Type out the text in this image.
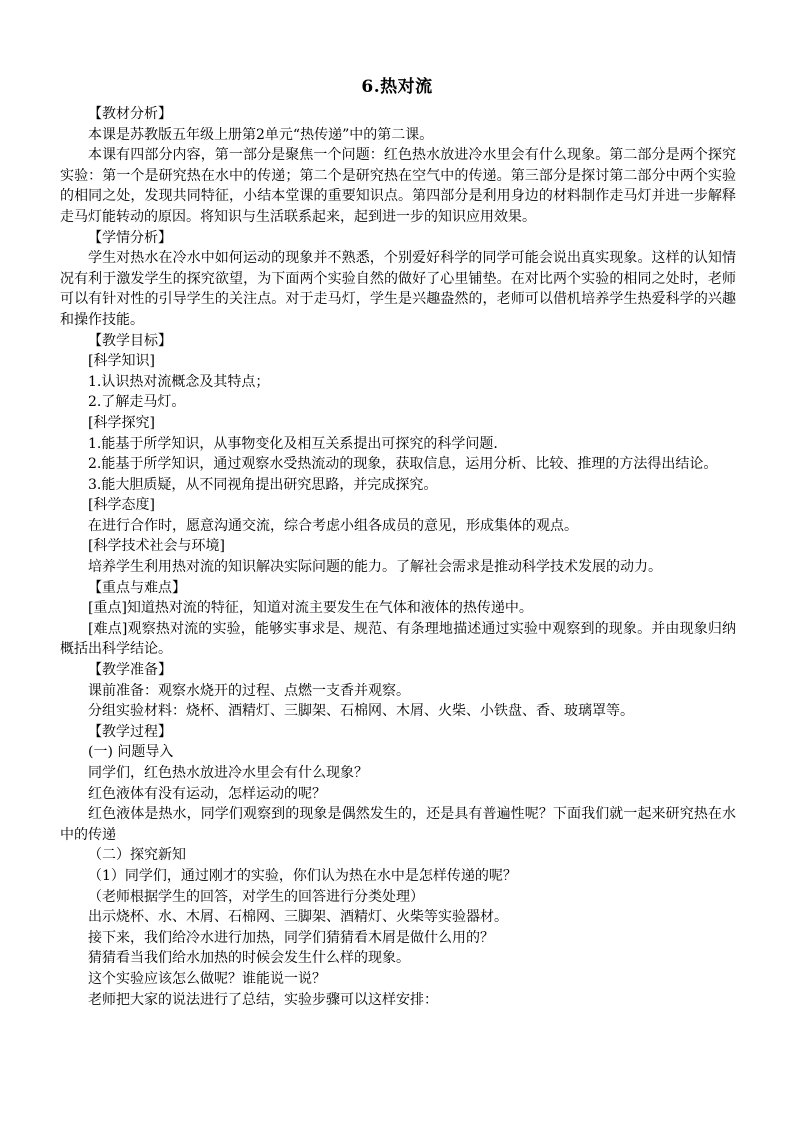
6.热对流

【教材分析】

本课是苏教版五年级上册第2单元“热传递”中的第二课。

本课有四部分内容，第一部分是聚焦一个问题：红色热水放进冷水里会有什么现象。第二部分是两个探究实验：第一个是研究热在水中的传递；第二个是研究热在空气中的传递。第三部分是探讨第二部分中两个实验的相同之处，发现共同特征，小结本堂课的重要知识点。第四部分是利用身边的材料制作走马灯并进一步解释走马灯能转动的原因。将知识与生活联系起来，起到进一步的知识应用效果。

【学情分析】

学生对热水在冷水中如何运动的现象并不熟悉，个别爱好科学的同学可能会说出真实现象。这样的认知情况有利于激发学生的探究欲望，为下面两个实验自然的做好了心里铺垫。在对比两个实验的相同之处时，老师可以有针对性的引导学生的关注点。对于走马灯，学生是兴趣盎然的，老师可以借机培养学生热爱科学的兴趣和操作技能。

【教学目标】

[科学知识]

1.认识热对流概念及其特点；

2.了解走马灯。

[科学探究]

1.能基于所学知识，从事物变化及相互关系提出可探究的科学问题.

2.能基于所学知识，通过观察水受热流动的现象，获取信息，运用分析、比较、推理的方法得出结论。

3.能大胆质疑，从不同视角提出研究思路，并完成探究。

[科学态度]

在进行合作时，愿意沟通交流，综合考虑小组各成员的意见，形成集体的观点。

[科学技术社会与环境]

培养学生利用热对流的知识解决实际问题的能力。了解社会需求是推动科学技术发展的动力。

【重点与难点】

[重点]知道热对流的特征，知道对流主要发生在气体和液体的热传递中。

[难点]观察热对流的实验，能够实事求是、规范、有条理地描述通过实验中观察到的现象。并由现象归纳概括出科学结论。

【教学准备】

课前准备：观察水烧开的过程、点燃一支香并观察。

分组实验材料：烧杯、酒精灯、三脚架、石棉网、木屑、火柴、小铁盘、香、玻璃罩等。

【教学过程】

(一) 问题导入

同学们，红色热水放进冷水里会有什么现象？

红色液体有没有运动，怎样运动的呢？

红色液体是热水，同学们观察到的现象是偶然发生的，还是具有普遍性呢？下面我们就一起来研究热在水中的传递

（二）探究新知

（1）同学们，通过刚才的实验，你们认为热在水中是怎样传递的呢？

（老师根据学生的回答，对学生的回答进行分类处理）

出示烧杯、水、木屑、石棉网、三脚架、酒精灯、火柴等实验器材。

接下来，我们给冷水进行加热，同学们猜猜看木屑是做什么用的？

猜猜看当我们给水加热的时候会发生什么样的现象。

这个实验应该怎么做呢？谁能说一说？

老师把大家的说法进行了总结，实验步骤可以这样安排：
